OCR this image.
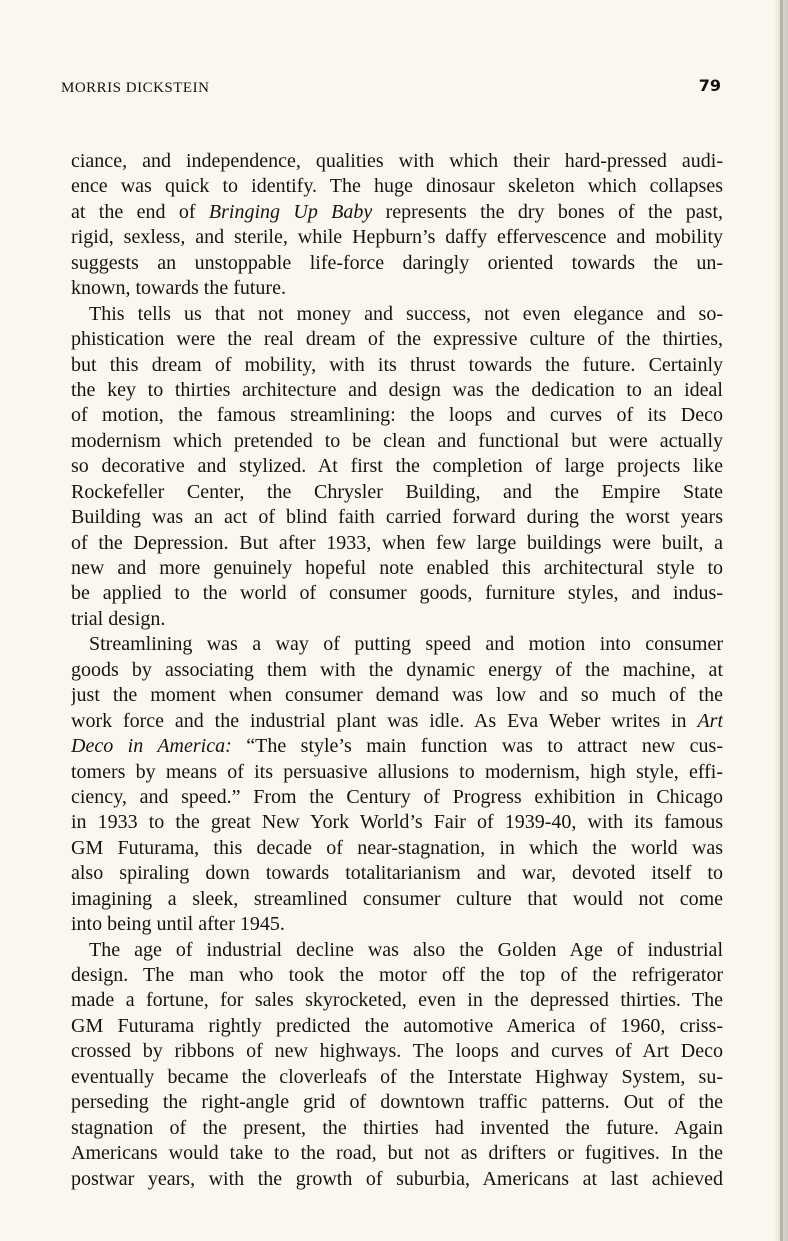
MORRIS DICKSTEIN	79
ciance, and independence, qualities with which their hard-pressed audi-
ence was quick to identify. The huge dinosaur skeleton which collapses
at the end of Bringing Up Baby represents the dry bones of the past,
rigid, sexless, and sterile, while Hepburn’s daffy effervescence and mobility
suggests an unstoppable life-force daringly oriented towards the un-
known, towards the future.
This tells us that not money and success, not even elegance and so-
phistication were the real dream of the expressive culture of the thirties,
but this dream of mobility, with its thrust towards the future. Certainly
the key to thirties architecture and design was the dedication to an ideal
of motion, the famous streamlining: the loops and curves of its Deco
modernism which pretended to be clean and functional but were actually
so decorative and stylized. At first the completion of large projects like
Rockefeller Center, the Chrysler Building, and the Empire State
Building was an act of blind faith carried forward during the worst years
of the Depression. But after 1933, when few large buildings were built, a
new and more genuinely hopeful note enabled this architectural style to
be applied to the world of consumer goods, furniture styles, and indus-
trial design.
Streamlining was a way of putting speed and motion into consumer
goods by associating them with the dynamic energy of the machine, at
just the moment when consumer demand was low and so much of the
work force and the industrial plant was idle. As Eva Weber writes in Art
Deco in America: “The style’s main function was to attract new cus-
tomers by means of its persuasive allusions to modernism, high style, effi-
ciency, and speed.” From the Century of Progress exhibition in Chicago
in 1933 to the great New York World’s Fair of 1939-40, with its famous
GM Futurama, this decade of near-stagnation, in which the world was
also spiraling down towards totalitarianism and war, devoted itself to
imagining a sleek, streamlined consumer culture that would not come
into being until after 1945.
The age of industrial decline was also the Golden Age of industrial
design. The man who took the motor off the top of the refrigerator
made a fortune, for sales skyrocketed, even in the depressed thirties. The
GM Futurama rightly predicted the automotive America of 1960, criss-
crossed by ribbons of new highways. The loops and curves of Art Deco
eventually became the cloverleafs of the Interstate Highway System, su-
perseding the right-angle grid of downtown traffic patterns. Out of the
stagnation of the present, the thirties had invented the future. Again
Americans would take to the road, but not as drifters or fugitives. In the
postwar years, with the growth of suburbia, Americans at last achieved
